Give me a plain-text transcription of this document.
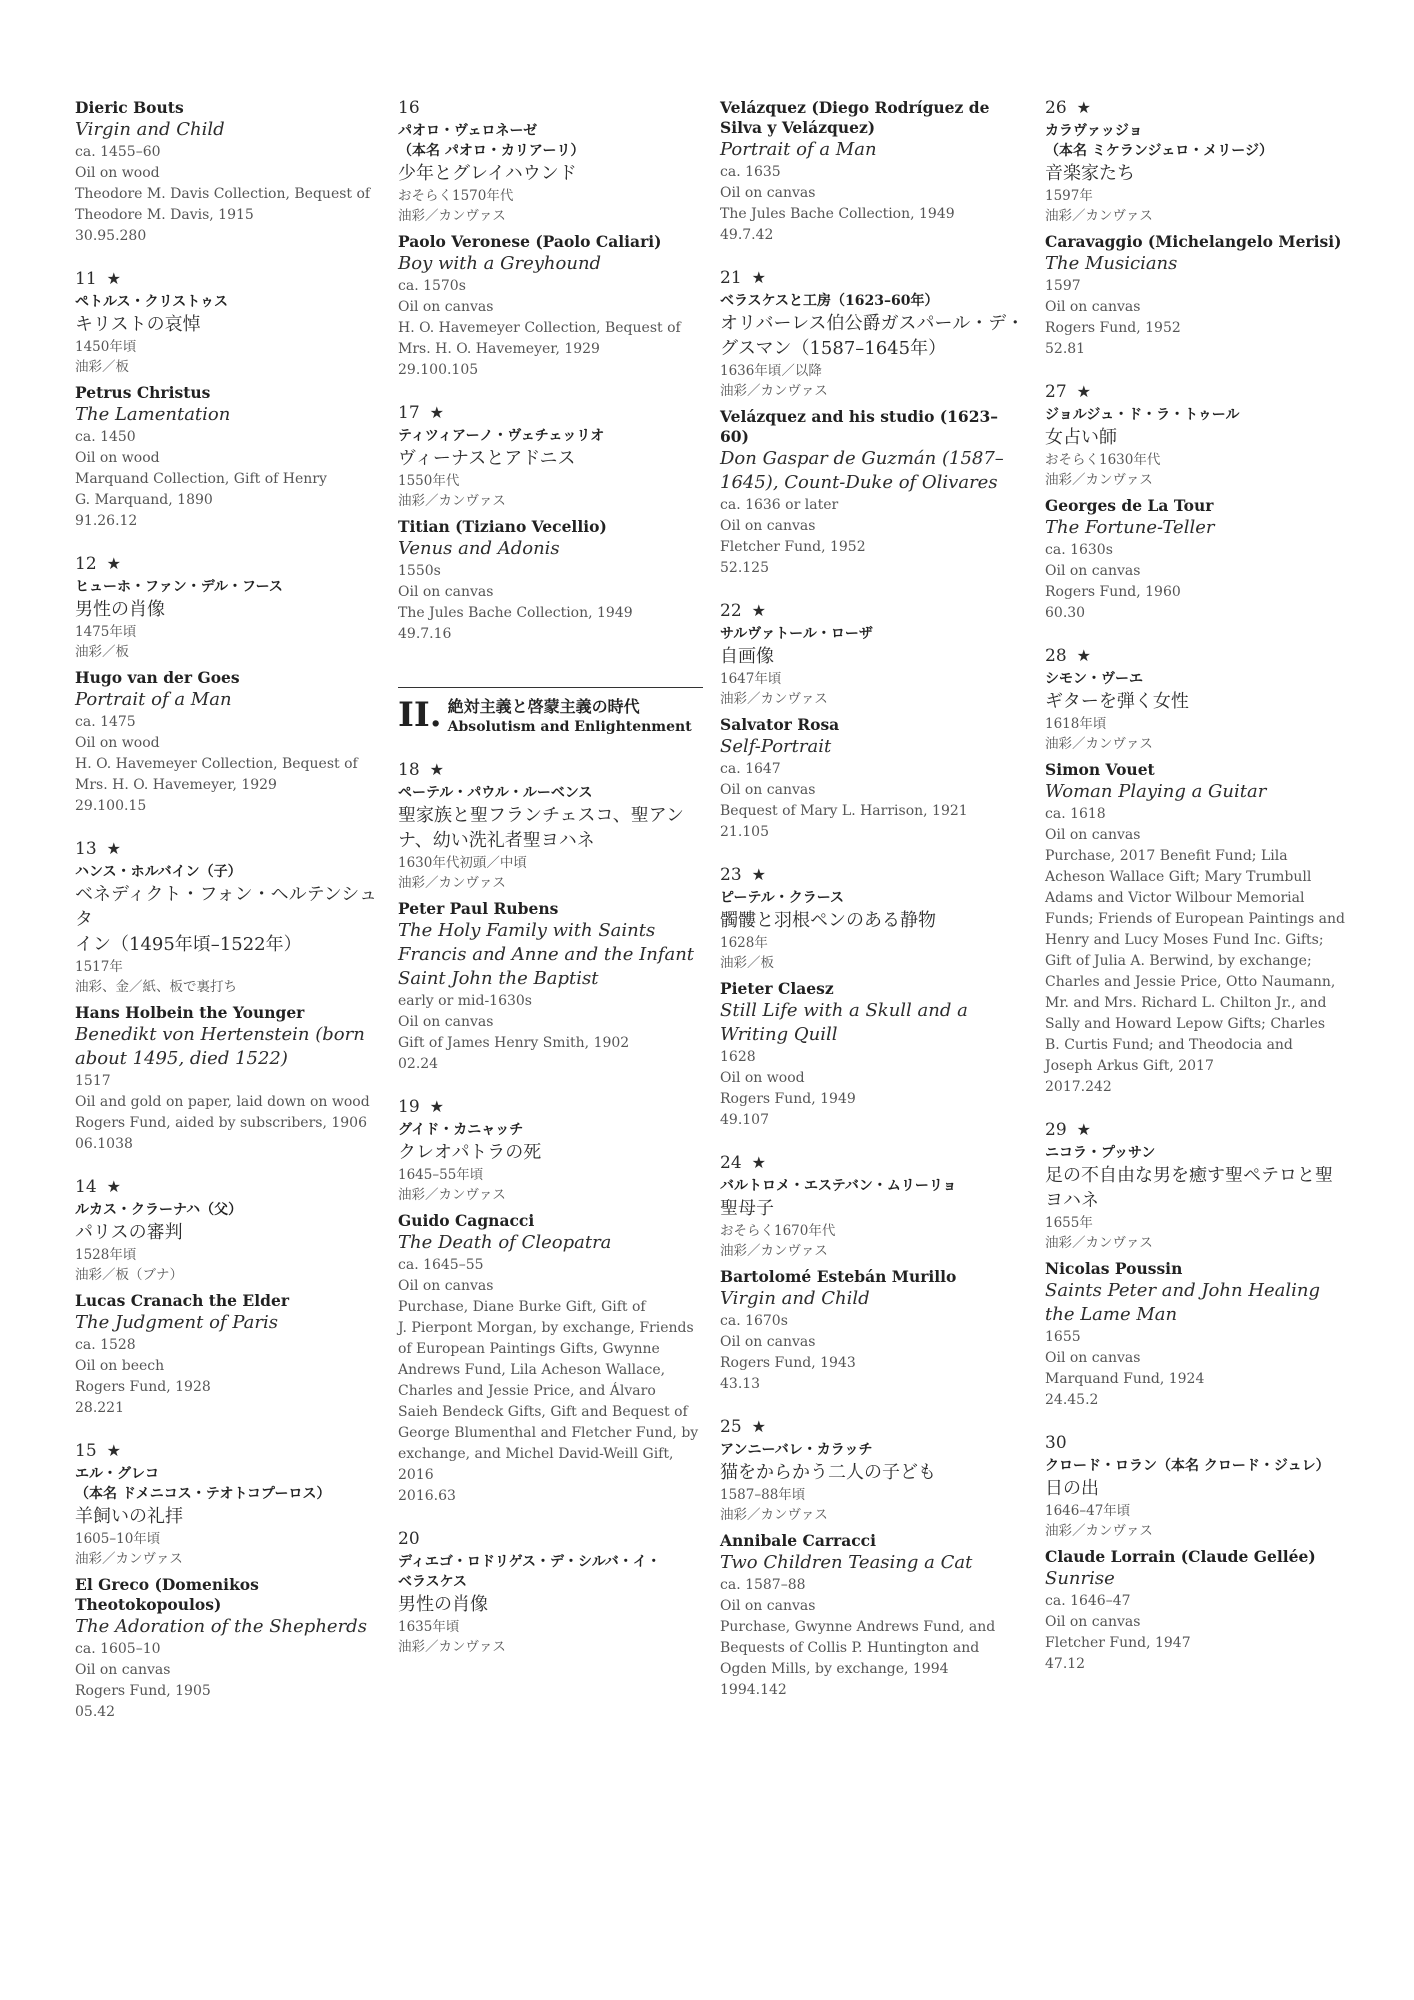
Dieric Bouts
Virgin and Child
ca. 1455–60
Oil on wood
Theodore M. Davis Collection, Bequest of
Theodore M. Davis, 1915
30.95.280
11 ★
ペトルス・クリストゥス
キリストの哀悼
1450年頃
油彩／板
Petrus Christus
The Lamentation
ca. 1450
Oil on wood
Marquand Collection, Gift of Henry
G. Marquand, 1890
91.26.12
12 ★
ヒューホ・ファン・デル・フース
男性の肖像
1475年頃
油彩／板
Hugo van der Goes
Portrait of a Man
ca. 1475
Oil on wood
H. O. Havemeyer Collection, Bequest of
Mrs. H. O. Havemeyer, 1929
29.100.15
13 ★
ハンス・ホルバイン（子）
ベネディクト・フォン・ヘルテンシュタ
イン（1495年頃–1522年）
1517年
油彩、金／紙、板で裏打ち
Hans Holbein the Younger
Benedikt von Hertenstein (born about 1495, died 1522)
1517
Oil and gold on paper, laid down on wood
Rogers Fund, aided by subscribers, 1906
06.1038
14 ★
ルカス・クラーナハ（父）
パリスの審判
1528年頃
油彩／板（ブナ）
Lucas Cranach the Elder
The Judgment of Paris
ca. 1528
Oil on beech
Rogers Fund, 1928
28.221
15 ★
エル・グレコ
（本名 ドメニコス・テオトコプーロス）
羊飼いの礼拝
1605–10年頃
油彩／カンヴァス
El Greco (Domenikos Theotokopoulos)
The Adoration of the Shepherds
ca. 1605–10
Oil on canvas
Rogers Fund, 1905
05.42
16
パオロ・ヴェロネーゼ
（本名 パオロ・カリアーリ）
少年とグレイハウンド
おそらく1570年代
油彩／カンヴァス
Paolo Veronese (Paolo Caliari)
Boy with a Greyhound
ca. 1570s
Oil on canvas
H. O. Havemeyer Collection, Bequest of
Mrs. H. O. Havemeyer, 1929
29.100.105
17 ★
ティツィアーノ・ヴェチェッリオ
ヴィーナスとアドニス
1550年代
油彩／カンヴァス
Titian (Tiziano Vecellio)
Venus and Adonis
1550s
Oil on canvas
The Jules Bache Collection, 1949
49.7.16
II. 絶対主義と啓蒙主義の時代
Absolutism and Enlightenment
18 ★
ペーテル・パウル・ルーベンス
聖家族と聖フランチェスコ、聖アン
ナ、幼い洗礼者聖ヨハネ
1630年代初頭／中頃
油彩／カンヴァス
Peter Paul Rubens
The Holy Family with Saints Francis and Anne and the Infant Saint John the Baptist
early or mid-1630s
Oil on canvas
Gift of James Henry Smith, 1902
02.24
19 ★
グイド・カニャッチ
クレオパトラの死
1645–55年頃
油彩／カンヴァス
Guido Cagnacci
The Death of Cleopatra
ca. 1645–55
Oil on canvas
Purchase, Diane Burke Gift, Gift of
J. Pierpont Morgan, by exchange, Friends
of European Paintings Gifts, Gwynne
Andrews Fund, Lila Acheson Wallace,
Charles and Jessie Price, and Álvaro
Saieh Bendeck Gifts, Gift and Bequest of
George Blumenthal and Fletcher Fund, by
exchange, and Michel David-Weill Gift,
2016
2016.63
20
ディエゴ・ロドリゲス・デ・シルバ・イ・
ベラスケス
男性の肖像
1635年頃
油彩／カンヴァス
Velázquez (Diego Rodríguez de Silva y Velázquez)
Portrait of a Man
ca. 1635
Oil on canvas
The Jules Bache Collection, 1949
49.7.42
21 ★
ベラスケスと工房（1623–60年）
オリバーレス伯公爵ガスパール・デ・
グスマン（1587–1645年）
1636年頃／以降
油彩／カンヴァス
Velázquez and his studio (1623–60)
Don Gaspar de Guzmán (1587–1645), Count-Duke of Olivares
ca. 1636 or later
Oil on canvas
Fletcher Fund, 1952
52.125
22 ★
サルヴァトール・ローザ
自画像
1647年頃
油彩／カンヴァス
Salvator Rosa
Self-Portrait
ca. 1647
Oil on canvas
Bequest of Mary L. Harrison, 1921
21.105
23 ★
ピーテル・クラース
髑髏と羽根ペンのある静物
1628年
油彩／板
Pieter Claesz
Still Life with a Skull and a Writing Quill
1628
Oil on wood
Rogers Fund, 1949
49.107
24 ★
バルトロメ・エステバン・ムリーリョ
聖母子
おそらく1670年代
油彩／カンヴァス
Bartolomé Estebán Murillo
Virgin and Child
ca. 1670s
Oil on canvas
Rogers Fund, 1943
43.13
25 ★
アンニーバレ・カラッチ
猫をからかう二人の子ども
1587–88年頃
油彩／カンヴァス
Annibale Carracci
Two Children Teasing a Cat
ca. 1587–88
Oil on canvas
Purchase, Gwynne Andrews Fund, and
Bequests of Collis P. Huntington and
Ogden Mills, by exchange, 1994
1994.142
26 ★
カラヴァッジョ
（本名 ミケランジェロ・メリージ）
音楽家たち
1597年
油彩／カンヴァス
Caravaggio (Michelangelo Merisi)
The Musicians
1597
Oil on canvas
Rogers Fund, 1952
52.81
27 ★
ジョルジュ・ド・ラ・トゥール
女占い師
おそらく1630年代
油彩／カンヴァス
Georges de La Tour
The Fortune-Teller
ca. 1630s
Oil on canvas
Rogers Fund, 1960
60.30
28 ★
シモン・ヴーエ
ギターを弾く女性
1618年頃
油彩／カンヴァス
Simon Vouet
Woman Playing a Guitar
ca. 1618
Oil on canvas
Purchase, 2017 Benefit Fund; Lila
Acheson Wallace Gift; Mary Trumbull
Adams and Victor Wilbour Memorial
Funds; Friends of European Paintings and
Henry and Lucy Moses Fund Inc. Gifts;
Gift of Julia A. Berwind, by exchange;
Charles and Jessie Price, Otto Naumann,
Mr. and Mrs. Richard L. Chilton Jr., and
Sally and Howard Lepow Gifts; Charles
B. Curtis Fund; and Theodocia and
Joseph Arkus Gift, 2017
2017.242
29 ★
ニコラ・プッサン
足の不自由な男を癒す聖ペテロと聖
ヨハネ
1655年
油彩／カンヴァス
Nicolas Poussin
Saints Peter and John Healing the Lame Man
1655
Oil on canvas
Marquand Fund, 1924
24.45.2
30
クロード・ロラン（本名 クロード・ジュレ）
日の出
1646–47年頃
油彩／カンヴァス
Claude Lorrain (Claude Gellée)
Sunrise
ca. 1646–47
Oil on canvas
Fletcher Fund, 1947
47.12
